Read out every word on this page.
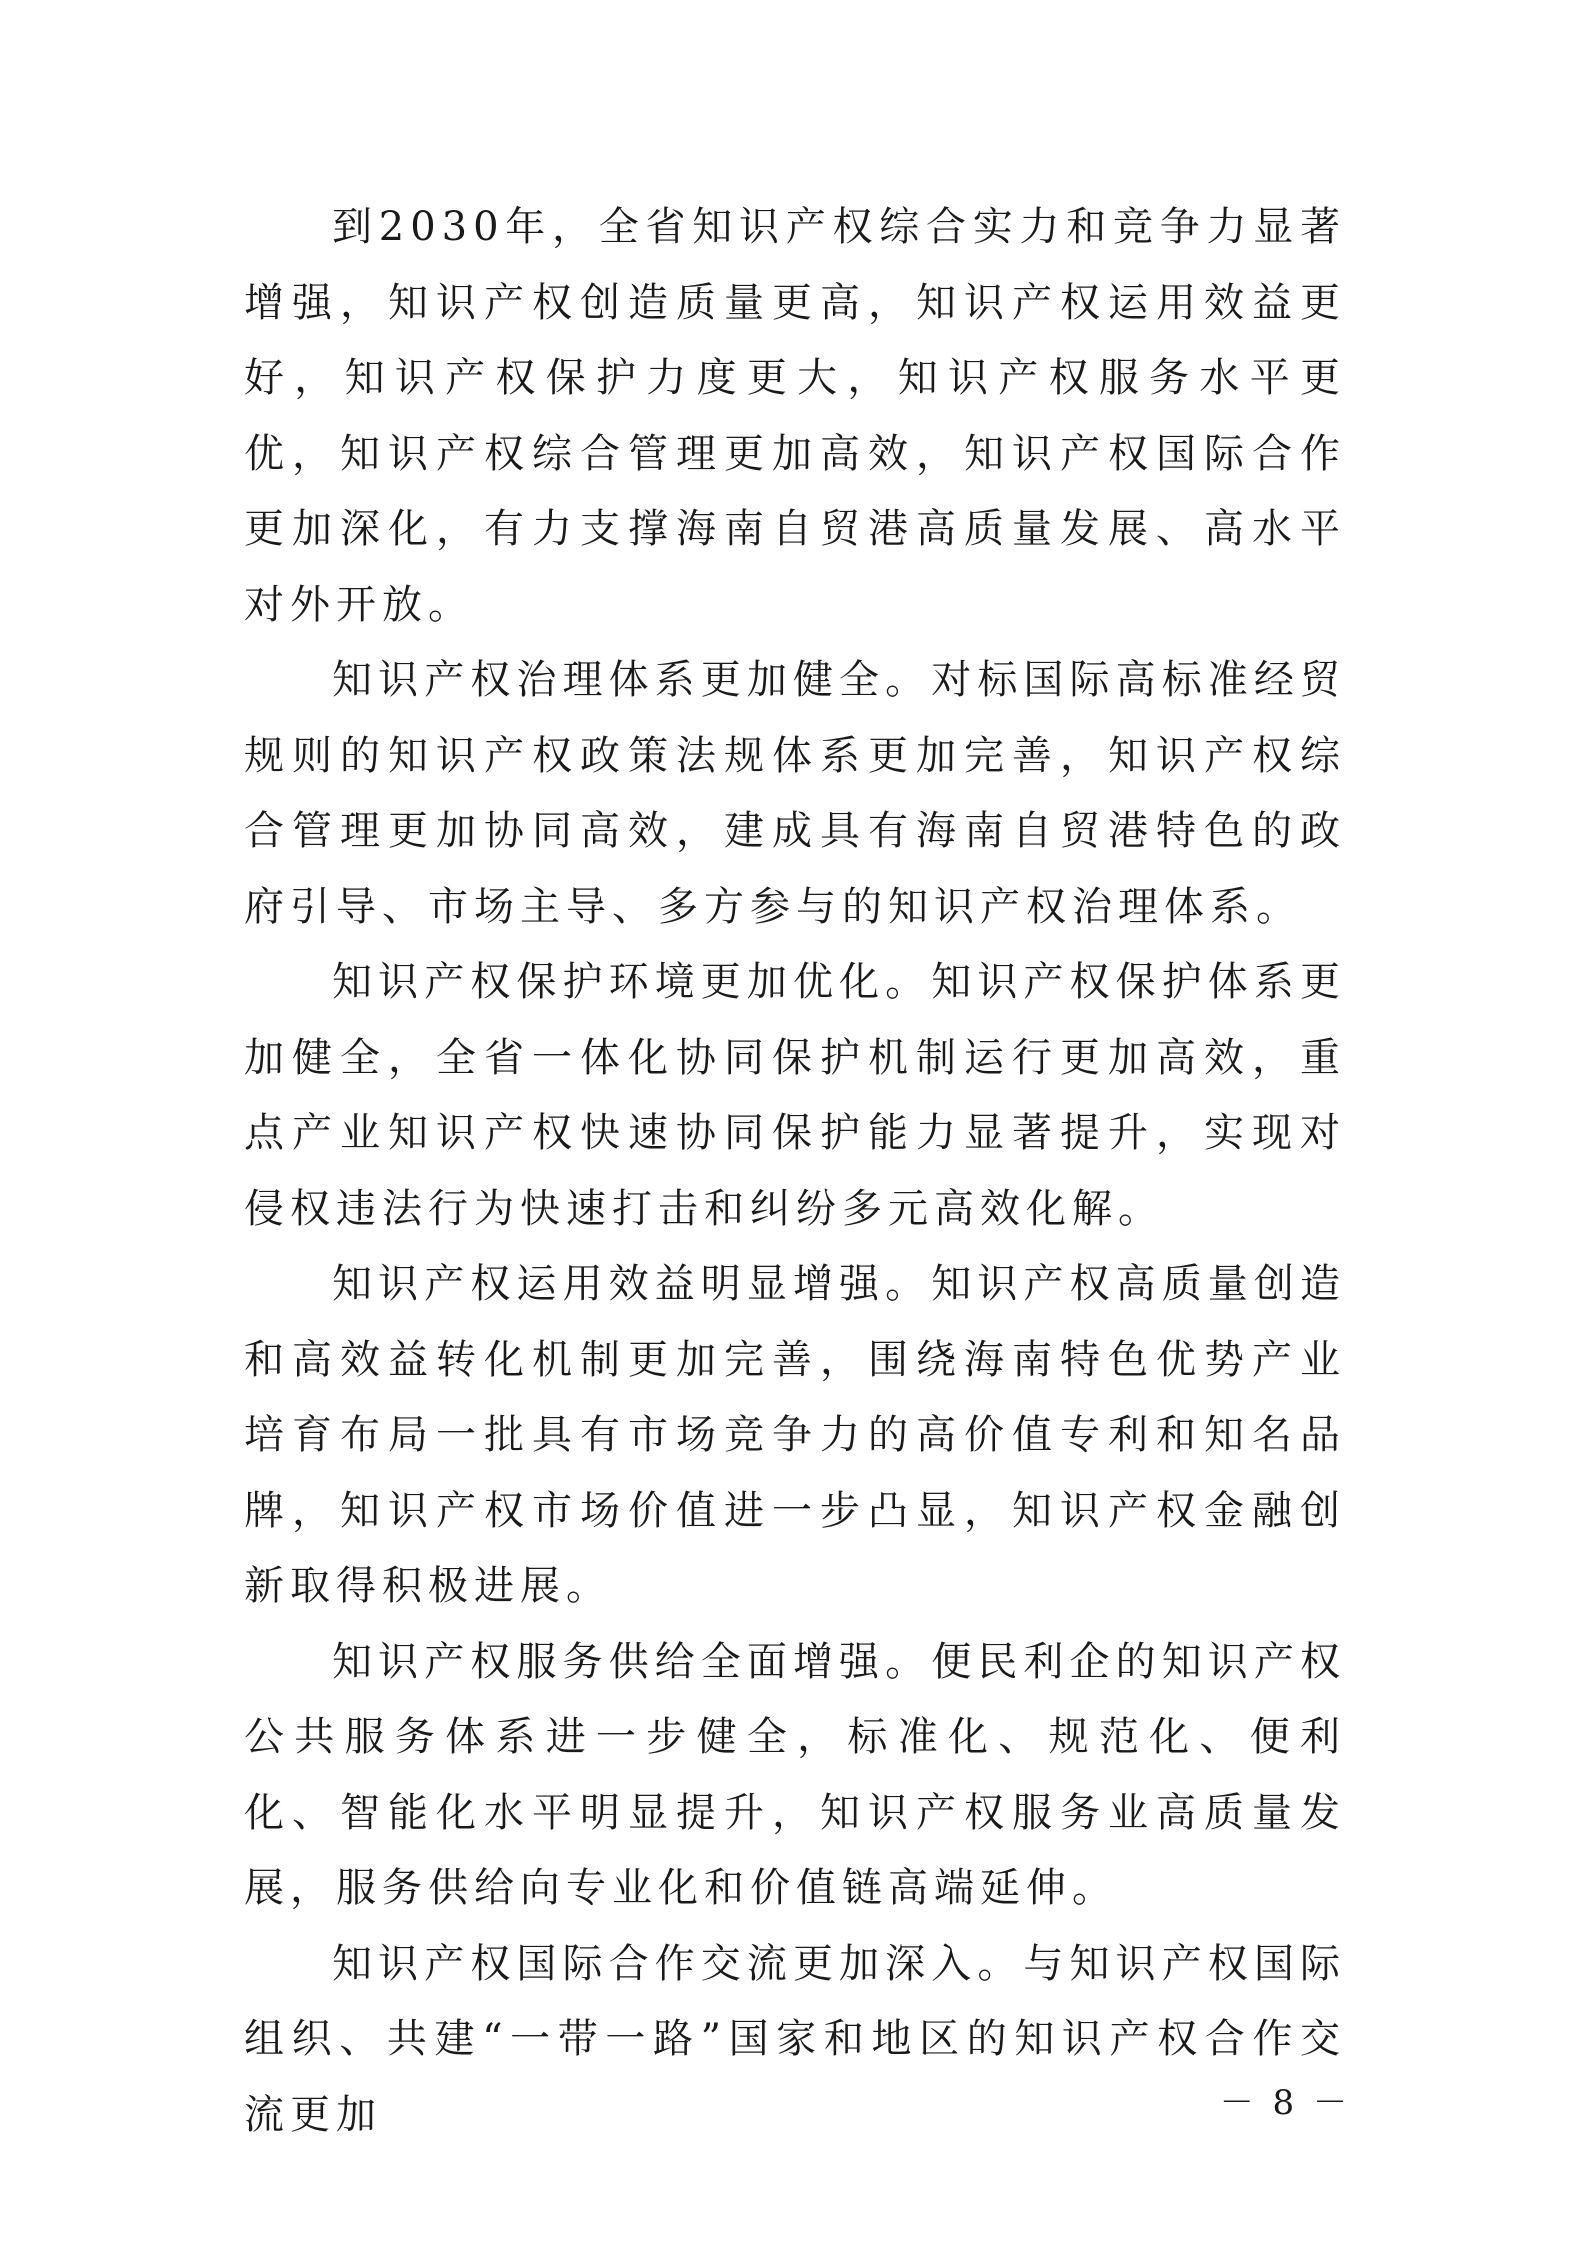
到2030年，全省知识产权综合实力和竞争力显著增强，知识产权创造质量更高，知识产权运用效益更好，知识产权保护力度更大，知识产权服务水平更优，知识产权综合管理更加高效，知识产权国际合作更加深化，有力支撑海南自贸港高质量发展、高水平对外开放。

知识产权治理体系更加健全。对标国际高标准经贸规则的知识产权政策法规体系更加完善，知识产权综合管理更加协同高效，建成具有海南自贸港特色的政府引导、市场主导、多方参与的知识产权治理体系。

知识产权保护环境更加优化。知识产权保护体系更加健全，全省一体化协同保护机制运行更加高效，重点产业知识产权快速协同保护能力显著提升，实现对侵权违法行为快速打击和纠纷多元高效化解。

知识产权运用效益明显增强。知识产权高质量创造和高效益转化机制更加完善，围绕海南特色优势产业培育布局一批具有市场竞争力的高价值专利和知名品牌，知识产权市场价值进一步凸显，知识产权金融创新取得积极进展。

知识产权服务供给全面增强。便民利企的知识产权公共服务体系进一步健全，标准化、规范化、便利化、智能化水平明显提升，知识产权服务业高质量发展，服务供给向专业化和价值链高端延伸。

知识产权国际合作交流更加深入。与知识产权国际组织、共建“一带一路”国家和地区的知识产权合作交流更加	－ 8 －
